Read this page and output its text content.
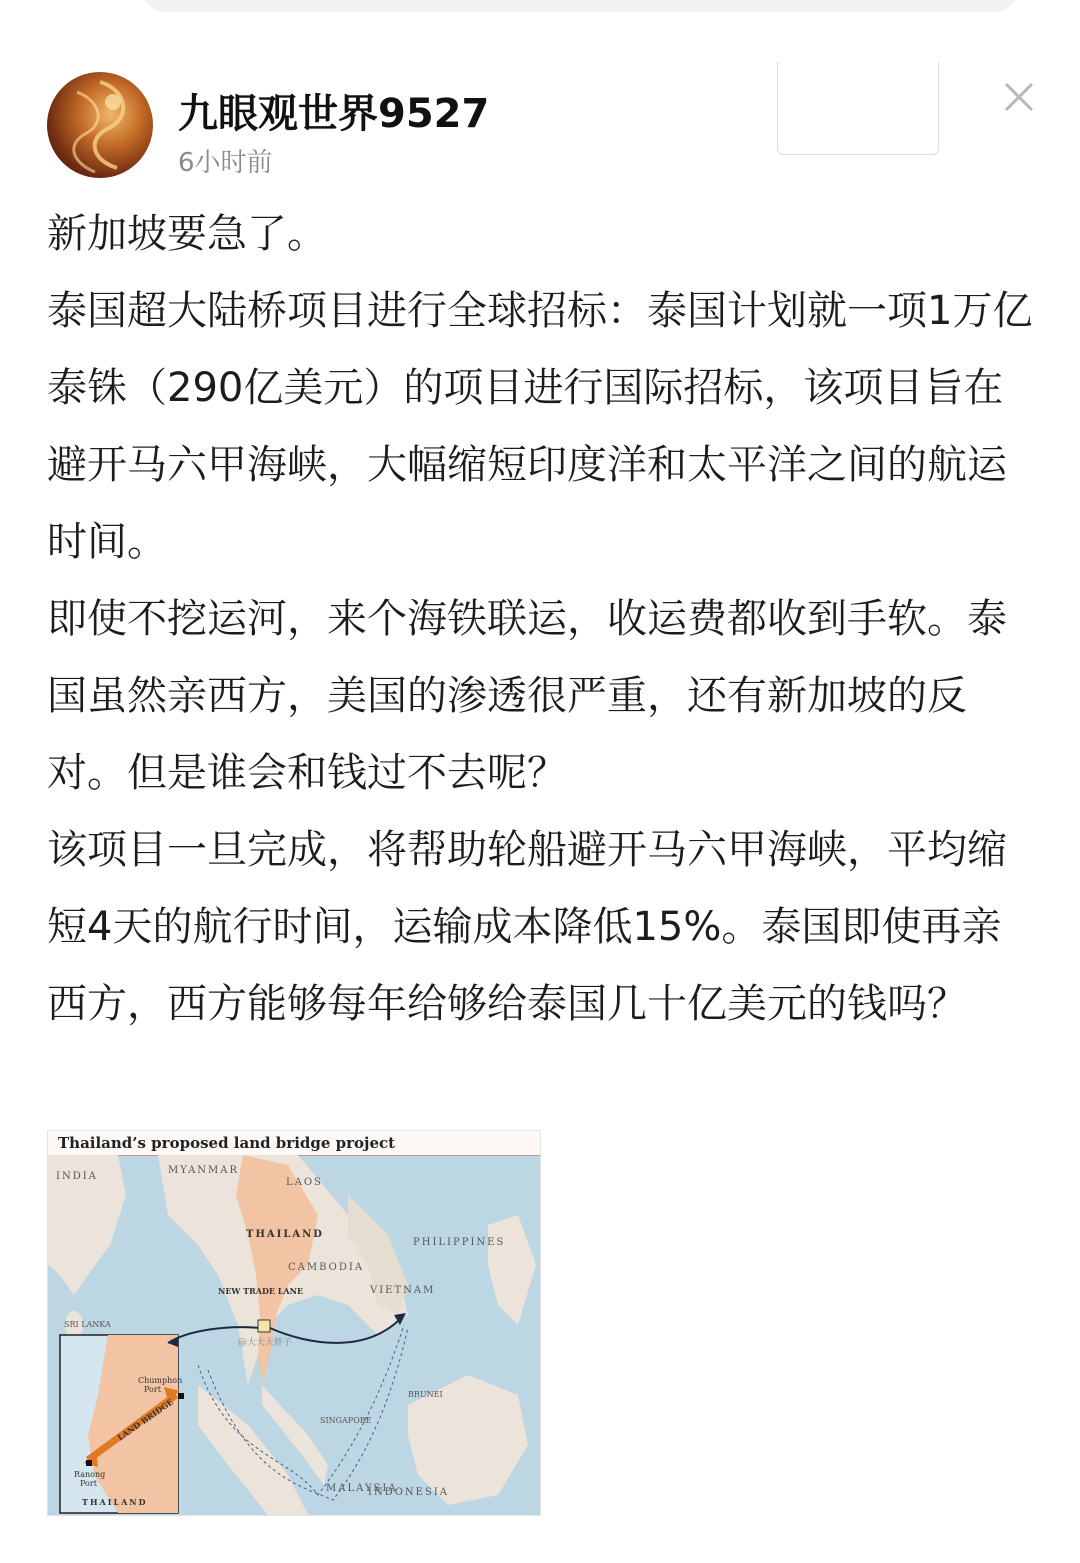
九眼观世界9527
6小时前

新加坡要急了。

泰国超大陆桥项目进行全球招标：泰国计划就一项1万亿泰铢（290亿美元）的项目进行国际招标，该项目旨在避开马六甲海峡，大幅缩短印度洋和太平洋之间的航运时间。

即使不挖运河，来个海铁联运，收运费都收到手软。泰国虽然亲西方，美国的渗透很严重，还有新加坡的反对。但是谁会和钱过不去呢？

该项目一旦完成，将帮助轮船避开马六甲海峡，平均缩短4天的航行时间，运输成本降低15%。泰国即使再亲西方，西方能够每年给够给泰国几十亿美元的钱吗？

Thailand’s proposed land bridge project
INDIA
MYANMAR
LAOS
THAILAND
PHILIPPINES
CAMBODIA
VIETNAM
MALAYSIA
INDONESIA
NEW TRADE LANE
SRI LANKA
BRUNEI
SINGAPORE
Chumphon
Port
Ranong
Port
LAND BRIDGE
THAILAND
@大大大胖子
